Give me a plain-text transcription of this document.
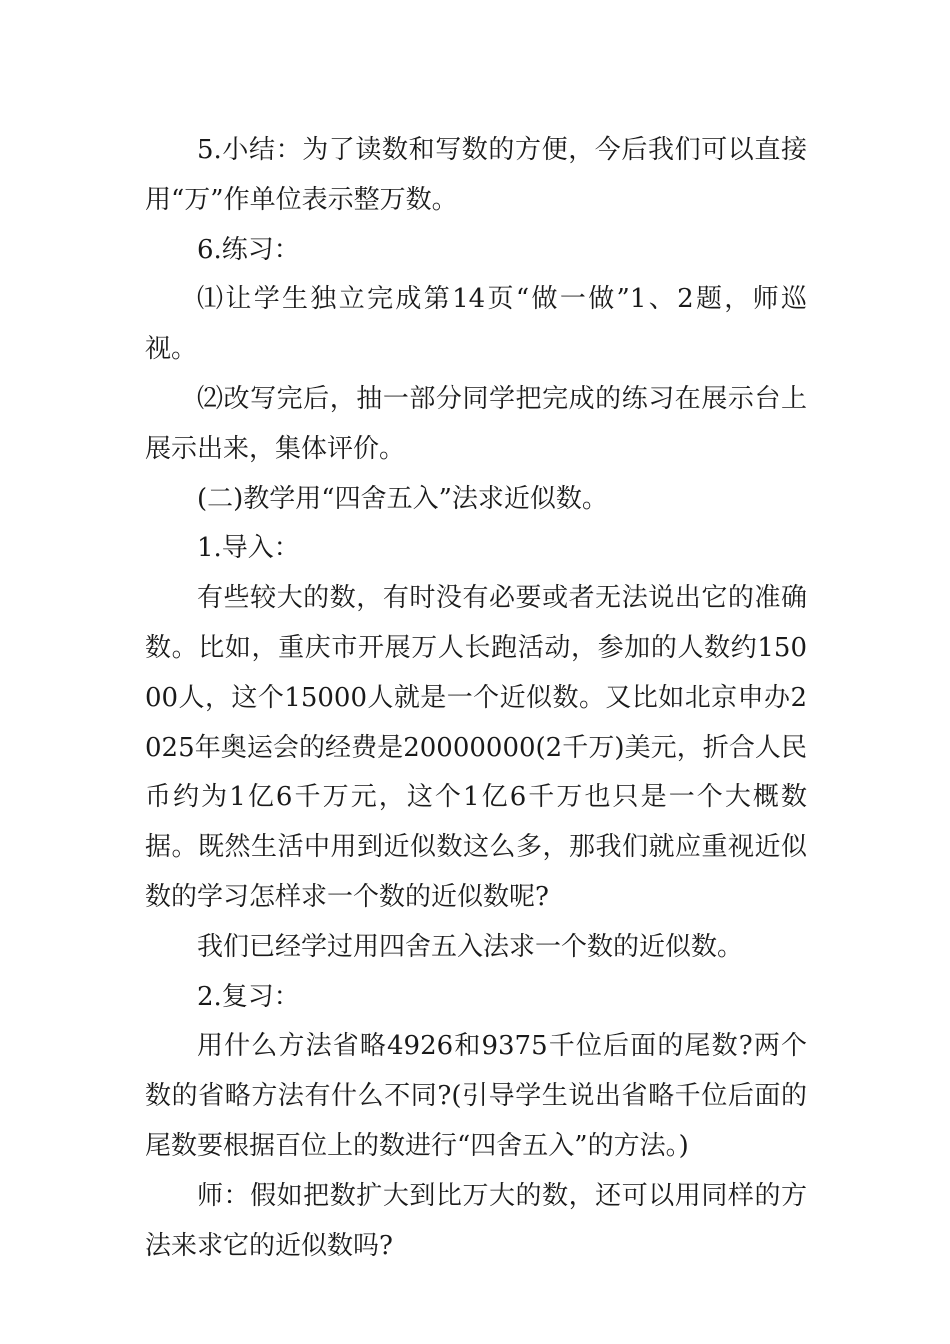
5.小结：为了读数和写数的方便，今后我们可以直接用“万”作单位表示整万数。

6.练习：

⑴让学生独立完成第14页“做一做”1、2题，师巡视。

⑵改写完后，抽一部分同学把完成的练习在展示台上展示出来，集体评价。

(二)教学用“四舍五入”法求近似数。

1.导入：

有些较大的数，有时没有必要或者无法说出它的准确数。比如，重庆市开展万人长跑活动，参加的人数约15000人，这个15000人就是一个近似数。又比如北京申办2025年奥运会的经费是20000000(2千万)美元，折合人民币约为1亿6千万元，这个1亿6千万也只是一个大概数据。既然生活中用到近似数这么多，那我们就应重视近似数的学习怎样求一个数的近似数呢?

我们已经学过用四舍五入法求一个数的近似数。

2.复习：

用什么方法省略4926和9375千位后面的尾数?两个数的省略方法有什么不同?(引导学生说出省略千位后面的尾数要根据百位上的数进行“四舍五入”的方法。)

师：假如把数扩大到比万大的数，还可以用同样的方法来求它的近似数吗?
